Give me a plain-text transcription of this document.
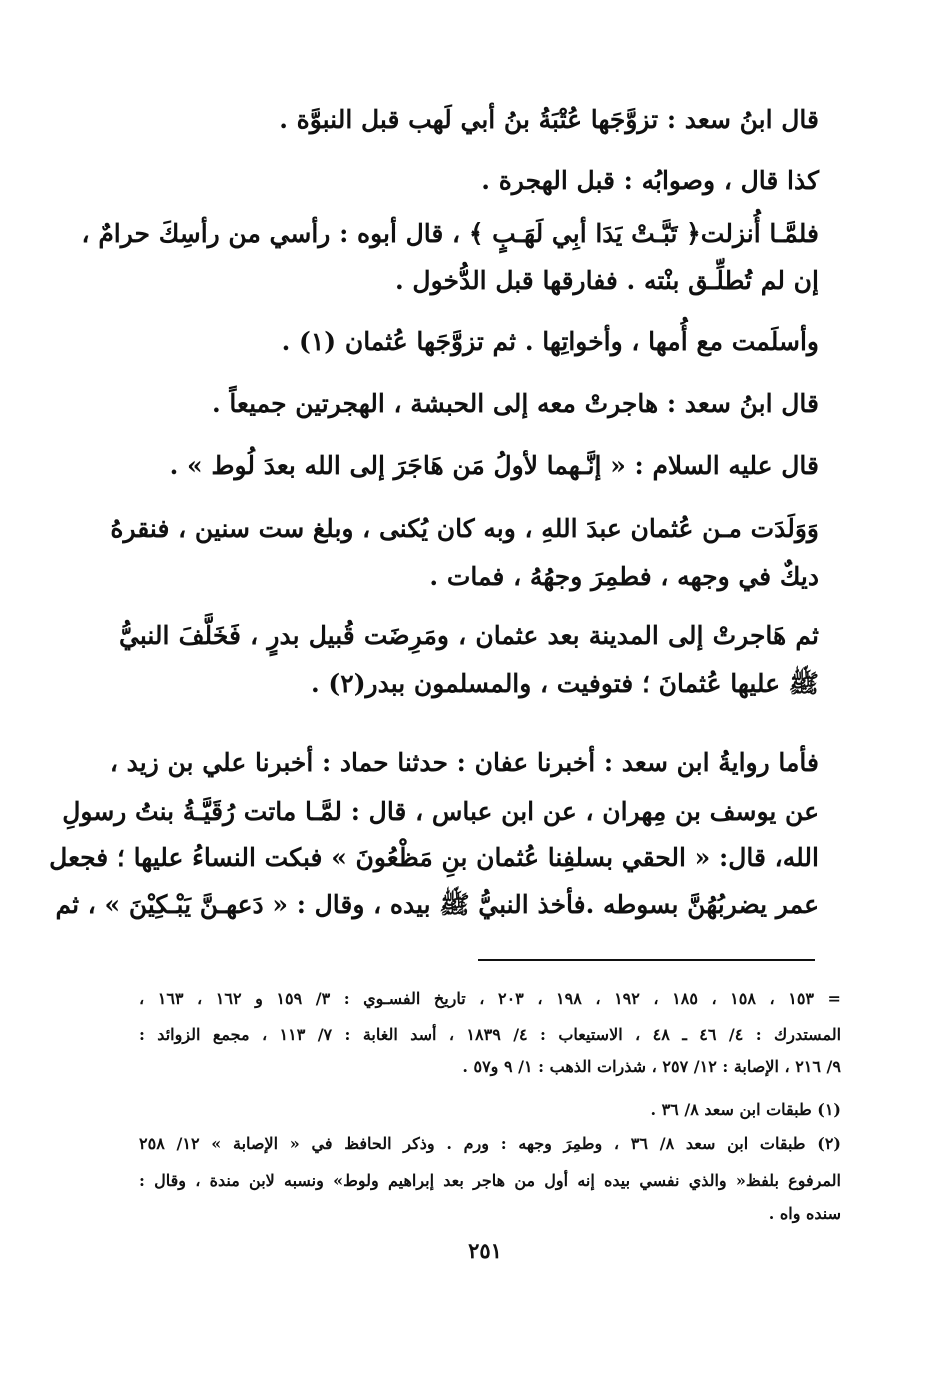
قال ابنُ سعد : تزوَّجَها عُتْبَةُ بنُ أبي لَهب قبل النبوَّة .
كذا قال ، وصوابُه : قبل الهجرة .
فلمَّـا أُنزلت﴿ تَبَّـتْ يَدَا أبِي لَهَـبٍ ﴾ ، قال أبوه : رأسي من رأسِكَ حرامٌ ،
إن لم تُطلِّـق بنْته . ففارقها قبل الدُّخول .
وأسلَمت مع أُمها ، وأخواتِها . ثم تزوَّجَها عُثمان (١) .
قال ابنُ سعد : هاجرتْ معه إلى الحبشة ، الهجرتين جميعاً .
قال عليه السلام : « إنَّـهما لأولُ مَن هَاجَرَ إلى الله بعدَ لُوط » .
وَوَلَدَت مـن عُثمان عبدَ اللهِ ، وبه كان يُكنى ، وبلغ ست سنين ، فنقرهُ
ديكٌ في وجهه ، فطمِرَ وجهُهُ ، فمات .
ثم هَاجرتْ إلى المدينة بعد عثمان ، ومَرِضَت قُبيل بدرٍ ، فَخَلَّفَ النبيُّ
ﷺ عليها عُثمانَ ؛ فتوفيت ، والمسلمون ببدر(٢) .
فأما روايةُ ابن سعد : أخبرنا عفان : حدثنا حماد : أخبرنا علي بن زيد ،
عن يوسف بن مِهران ، عن ابن عباس ، قال : لمَّـا ماتت رُقَيَّـةُ بنتُ رسولِ
الله، قال: « الحقي بسلفِنا عُثمان بنِ مَظْعُونَ » فبكت النساءُ عليها ؛ فجعل
عمر يضربُهُنَّ بسوطه .فأخذ النبيُّ ﷺ بيده ، وقال : « دَعهـنَّ يَبْـكِيْنَ » ، ثم
= ١٥٣ ، ١٥٨ ، ١٨٥ ، ١٩٢ ، ١٩٨ ، ٢٠٣ ، تاريخ الفسـوي : ٣/ ١٥٩ و ١٦٢ ، ١٦٣ ،
المستدرك : ٤/ ٤٦ ـ ٤٨ ، الاستيعاب : ٤/ ١٨٣٩ ، أسد الغابة : ٧/ ١١٣ ، مجمع الزوائد :
٩/ ٢١٦ ، الإصابة : ١٢/ ٢٥٧ ، شذرات الذهب : ١/ ٩ و٥٧ .
(١) طبقات ابن سعد ٨/ ٣٦ .
(٢) طبقات ابن سعد ٨/ ٣٦ ، وطمِرَ وجهه : ورم . وذكر الحافظ في « الإصابة » ١٢/ ٢٥٨
المرفوع بلفظ« والذي نفسي بيده إنه أول من هاجر بعد إبراهيم ولوط» ونسبه لابن مندة ، وقال :
سنده واه .
٢٥١
